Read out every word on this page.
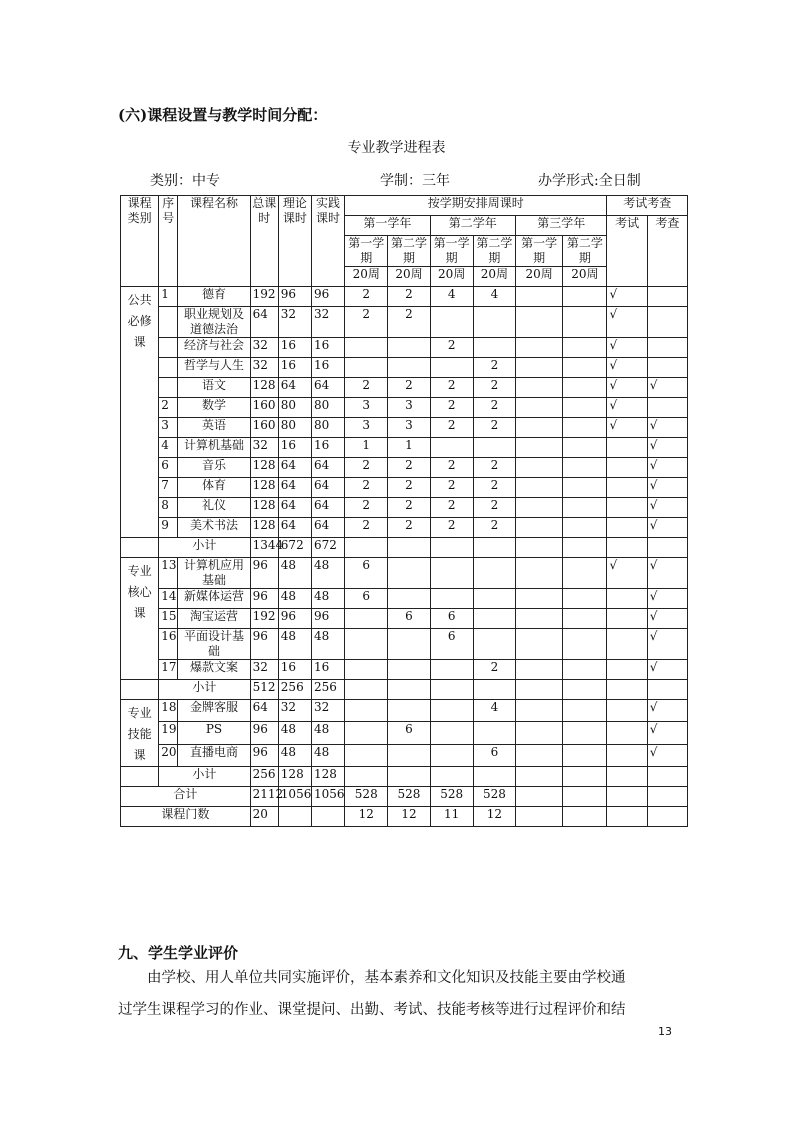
(六)课程设置与教学时间分配：
专业教学进程表
类别：中专	学制：三年	办学形式:全日制
课程类别	序号	课程名称	总课时	理论课时	实践课时	按学期安排周课时						考试考查	
						第一学年		第二学年		第三学年		考试	考查
						第一学期	第二学期	第一学期	第二学期	第一学期	第二学期		
						20周	20周	20周	20周	20周	20周		

公共必修课	1	德育	192	96	96	2	2	4	4			√	
		职业规划及道德法治	64	32	32	2	2					√	
		经济与社会	32	16	16			2				√	
		哲学与人生	32	16	16				2			√	
		语文	128	64	64	2	2	2	2			√	√
	2	数学	160	80	80	3	3	2	2			√	
	3	英语	160	80	80	3	3	2	2			√	√
	4	计算机基础	32	16	16	1	1						√
	6	音乐	128	64	64	2	2	2	2				√
	7	体育	128	64	64	2	2	2	2				√
	8	礼仪	128	64	64	2	2	2	2				√
	9	美术书法	128	64	64	2	2	2	2				√
	小计		1344	672	672								

专业核心课	13	计算机应用基础	96	48	48	6						√	√
	14	新媒体运营	96	48	48	6							√
	15	淘宝运营	192	96	96		6	6					√
	16	平面设计基础	96	48	48			6					√
	17	爆款文案	32	16	16				2				√
	小计		512	256	256								

专业技能课	18	金牌客服	64	32	32				4				√
	19	PS	96	48	48		6						√
	20	直播电商	96	48	48				6				√
	小计		256	128	128								
合计			2112	1056	1056	528	528	528	528				
课程门数			20			12	12	11	12				
九、学生学业评价
由学校、用人单位共同实施评价，基本素养和文化知识及技能主要由学校通
过学生课程学习的作业、课堂提问、出勤、考试、技能考核等进行过程评价和结
13
